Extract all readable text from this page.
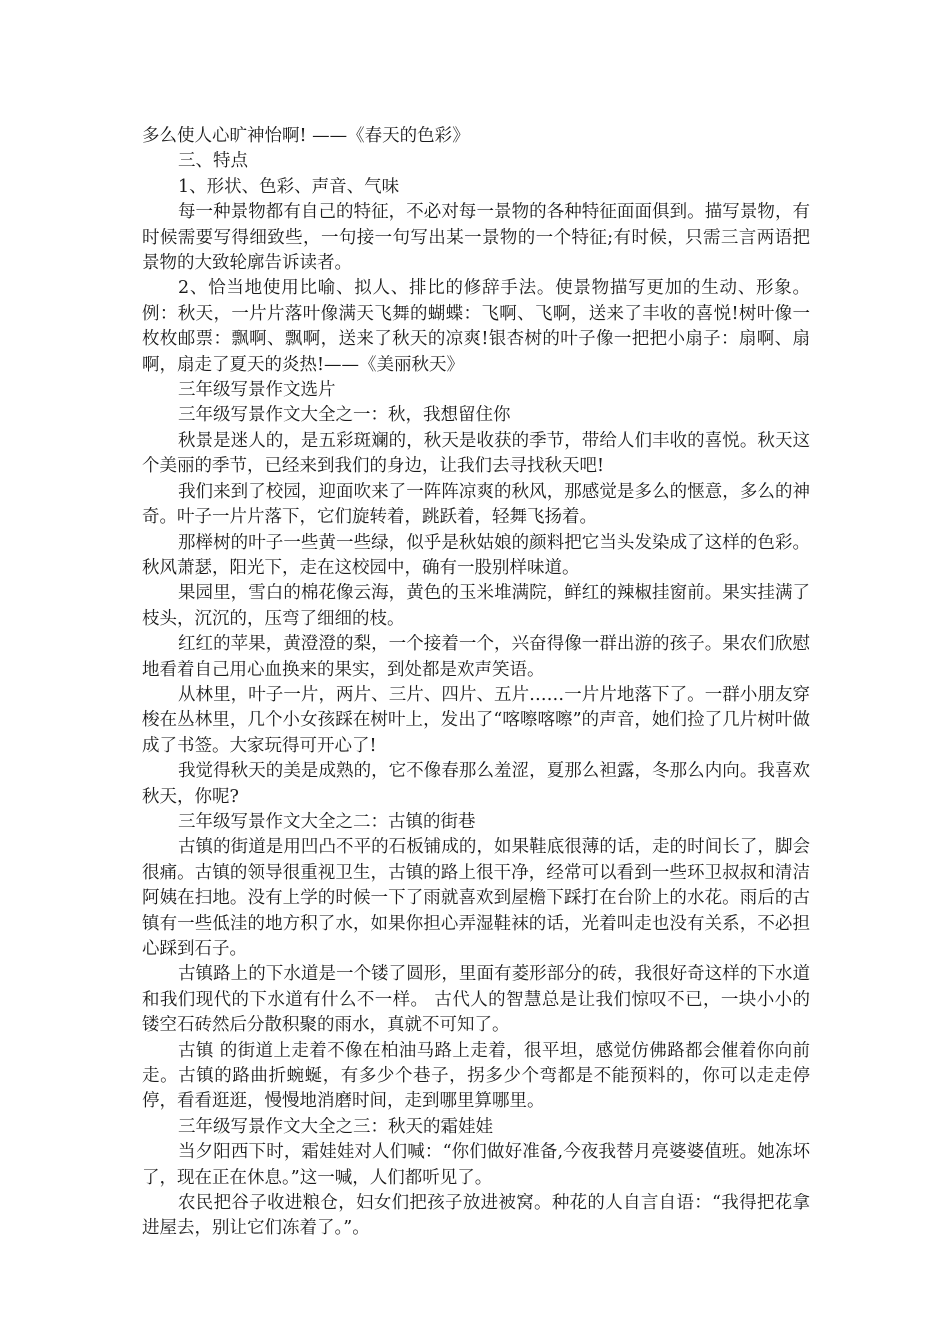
多么使人心旷神怡啊! ——《春天的色彩》

三、特点

1、形状、色彩、声音、气味

每一种景物都有自己的特征，不必对每一景物的各种特征面面俱到。描写景物，有时候需要写得细致些，一句接一句写出某一景物的一个特征;有时候，只需三言两语把景物的大致轮廓告诉读者。

2、恰当地使用比喻、拟人、排比的修辞手法。使景物描写更加的生动、形象。 例：秋天，一片片落叶像满天飞舞的蝴蝶：飞啊、飞啊，送来了丰收的喜悦!树叶像一枚枚邮票：飘啊、飘啊，送来了秋天的凉爽!银杏树的叶子像一把把小扇子：扇啊、扇啊，扇走了夏天的炎热!——《美丽秋天》

三年级写景作文选片

三年级写景作文大全之一：秋，我想留住你

秋景是迷人的，是五彩斑斓的，秋天是收获的季节，带给人们丰收的喜悦。秋天这个美丽的季节，已经来到我们的身边，让我们去寻找秋天吧!

我们来到了校园，迎面吹来了一阵阵凉爽的秋风，那感觉是多么的惬意，多么的神奇。叶子一片片落下，它们旋转着，跳跃着，轻舞飞扬着。

那榉树的叶子一些黄一些绿，似乎是秋姑娘的颜料把它当头发染成了这样的色彩。秋风萧瑟，阳光下，走在这校园中，确有一股别样味道。

果园里，雪白的棉花像云海，黄色的玉米堆满院，鲜红的辣椒挂窗前。果实挂满了枝头，沉沉的，压弯了细细的枝。

红红的苹果，黄澄澄的梨，一个接着一个，兴奋得像一群出游的孩子。果农们欣慰地看着自己用心血换来的果实，到处都是欢声笑语。

从林里，叶子一片，两片、三片、四片、五片……一片片地落下了。一群小朋友穿梭在丛林里，几个小女孩踩在树叶上，发出了“喀嚓喀嚓”的声音，她们捡了几片树叶做成了书签。大家玩得可开心了!

我觉得秋天的美是成熟的，它不像春那么羞涩，夏那么袒露，冬那么内向。我喜欢秋天，你呢?

三年级写景作文大全之二：古镇的街巷

古镇的街道是用凹凸不平的石板铺成的，如果鞋底很薄的话，走的时间长了，脚会很痛。古镇的领导很重视卫生，古镇的路上很干净，经常可以看到一些环卫叔叔和清洁阿姨在扫地。没有上学的时候一下了雨就喜欢到屋檐下踩打在台阶上的水花。雨后的古镇有一些低洼的地方积了水，如果你担心弄湿鞋袜的话，光着叫走也没有关系，不必担心踩到石子。

古镇路上的下水道是一个镂了圆形，里面有菱形部分的砖，我很好奇这样的下水道和我们现代的下水道有什么不一样。 古代人的智慧总是让我们惊叹不已，一块小小的镂空石砖然后分散积聚的雨水，真就不可知了。

古镇 的街道上走着不像在柏油马路上走着，很平坦，感觉仿佛路都会催着你向前走。古镇的路曲折蜿蜒，有多少个巷子，拐多少个弯都是不能预料的，你可以走走停停，看看逛逛，慢慢地消磨时间，走到哪里算哪里。

三年级写景作文大全之三：秋天的霜娃娃

当夕阳西下时，霜娃娃对人们喊：“你们做好准备,今夜我替月亮婆婆值班。她冻坏了，现在正在休息。”这一喊，人们都听见了。

农民把谷子收进粮仓，妇女们把孩子放进被窝。种花的人自言自语：“我得把花拿进屋去，别让它们冻着了。”。
